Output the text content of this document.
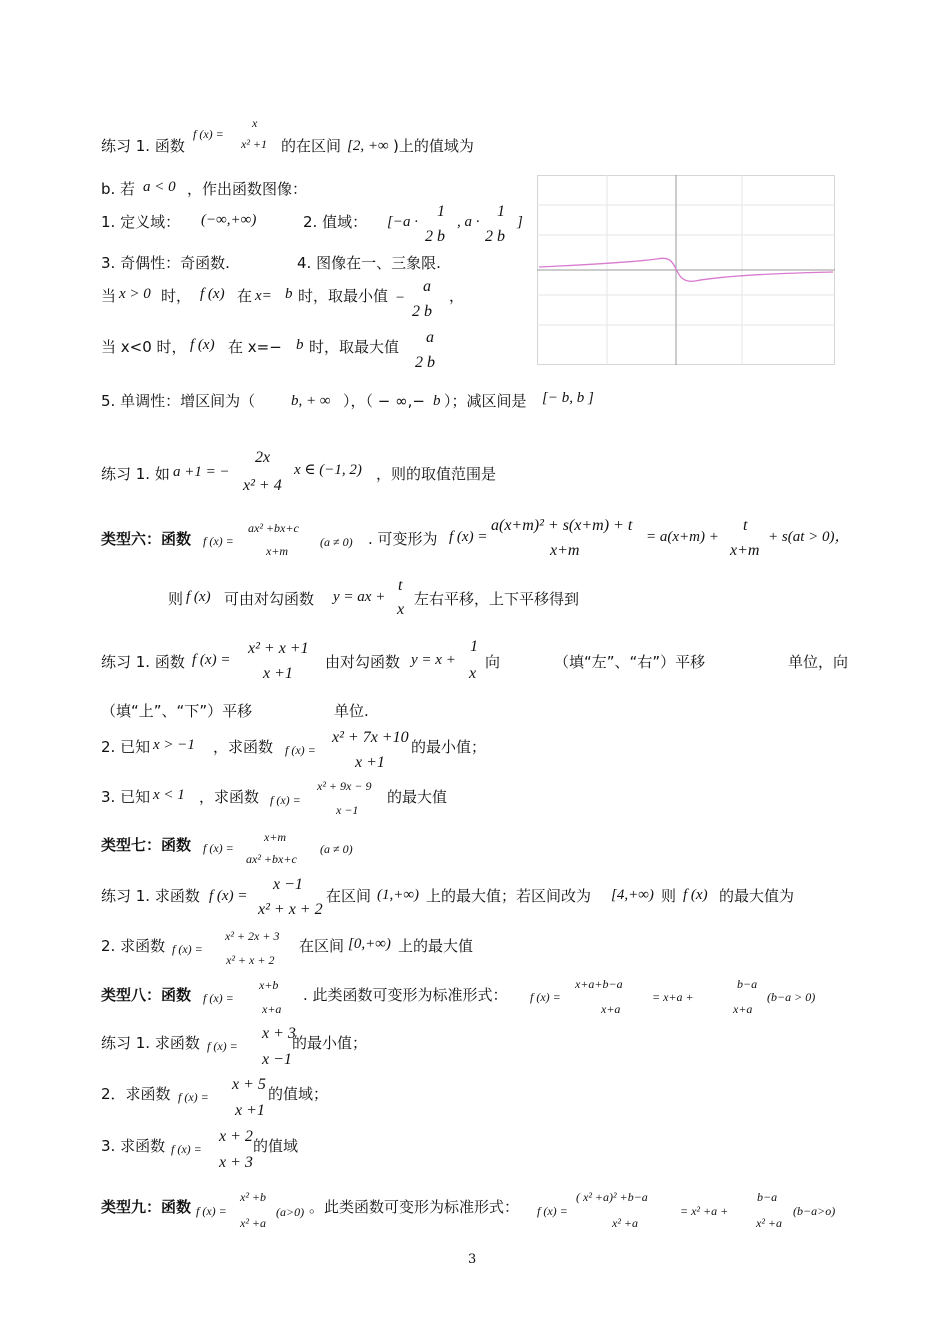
练习 1. 函数
f (x) =
x
x² +1 的在区间 [2, +∞ )上的值域为
b. 若 a < 0 ，作出函数图像：
1. 定义域： (−∞,+∞)	2. 值域： [−a ·
1
2 b
, a ·
1
2 b
]
3. 奇偶性：奇函数.	4. 图像在一、三象限.
当 x > 0 时， f (x) 在 x= b 时，取最小值 −
a
2 b
，
当 x<0 时， f (x) 在 x=− b 时，取最大值
a
2 b
5. 单调性：增区间为（ b, + ∞ ），（ − ∞,− b ）；减区间是 [− b, b ]
练习 1. 如 a +1 = −
2x
x² + 4
x ∈ (−1, 2) ，则的取值范围是
类型六：函数 f (x) =
ax² +bx+c
x+m
(a ≠ 0) . 可变形为 f (x) =
a(x+m)² + s(x+m) + t
x+m
= a(x+m) +
t
x+m
+ s(at > 0)，
则 f (x) 可由对勾函数 y = ax +
t
x
左右平移，上下平移得到
练习 1. 函数 f (x) =
x² + x +1
x +1
由对勾函数 y = x +
1
x
向	（填“左”、“右”）平移	单位，向
（填“上”、“下”）平移	单位.
2. 已知 x > −1 ，求函数 f (x) =
x² + 7x +10
x +1
的最小值；
3. 已知 x < 1 ，求函数 f (x) =
x² + 9x − 9
x −1
的最大值
类型七：函数 f (x) =
x+m
ax² +bx+c
(a ≠ 0)
练习 1. 求函数 f (x) =
x −1
x² + x + 2
在区间 (1,+∞) 上的最大值；若区间改为 [4,+∞) 则 f (x) 的最大值为
2. 求函数 f (x) =
x² + 2x + 3
x² + x + 2
在区间 [0,+∞) 上的最大值
类型八：函数 f (x) =
x+b
x+a
. 此类函数可变形为标准形式： f (x) =
x+a+b−a
x+a
= x+a +
b−a
x+a
(b−a > 0)
练习 1. 求函数 f (x) =
x + 3
x −1
的最小值；
2．求函数 f (x) =
x + 5
x +1
的值域；
3. 求函数 f (x) =
x + 2
x + 3
的值域
类型九：函数 f (x) =
x² +b
x² +a
(a>0) 。此类函数可变形为标准形式： f (x) =
( x² +a)² +b−a
x² +a
= x² +a +
b−a
x² +a
(b−a>o)
3
